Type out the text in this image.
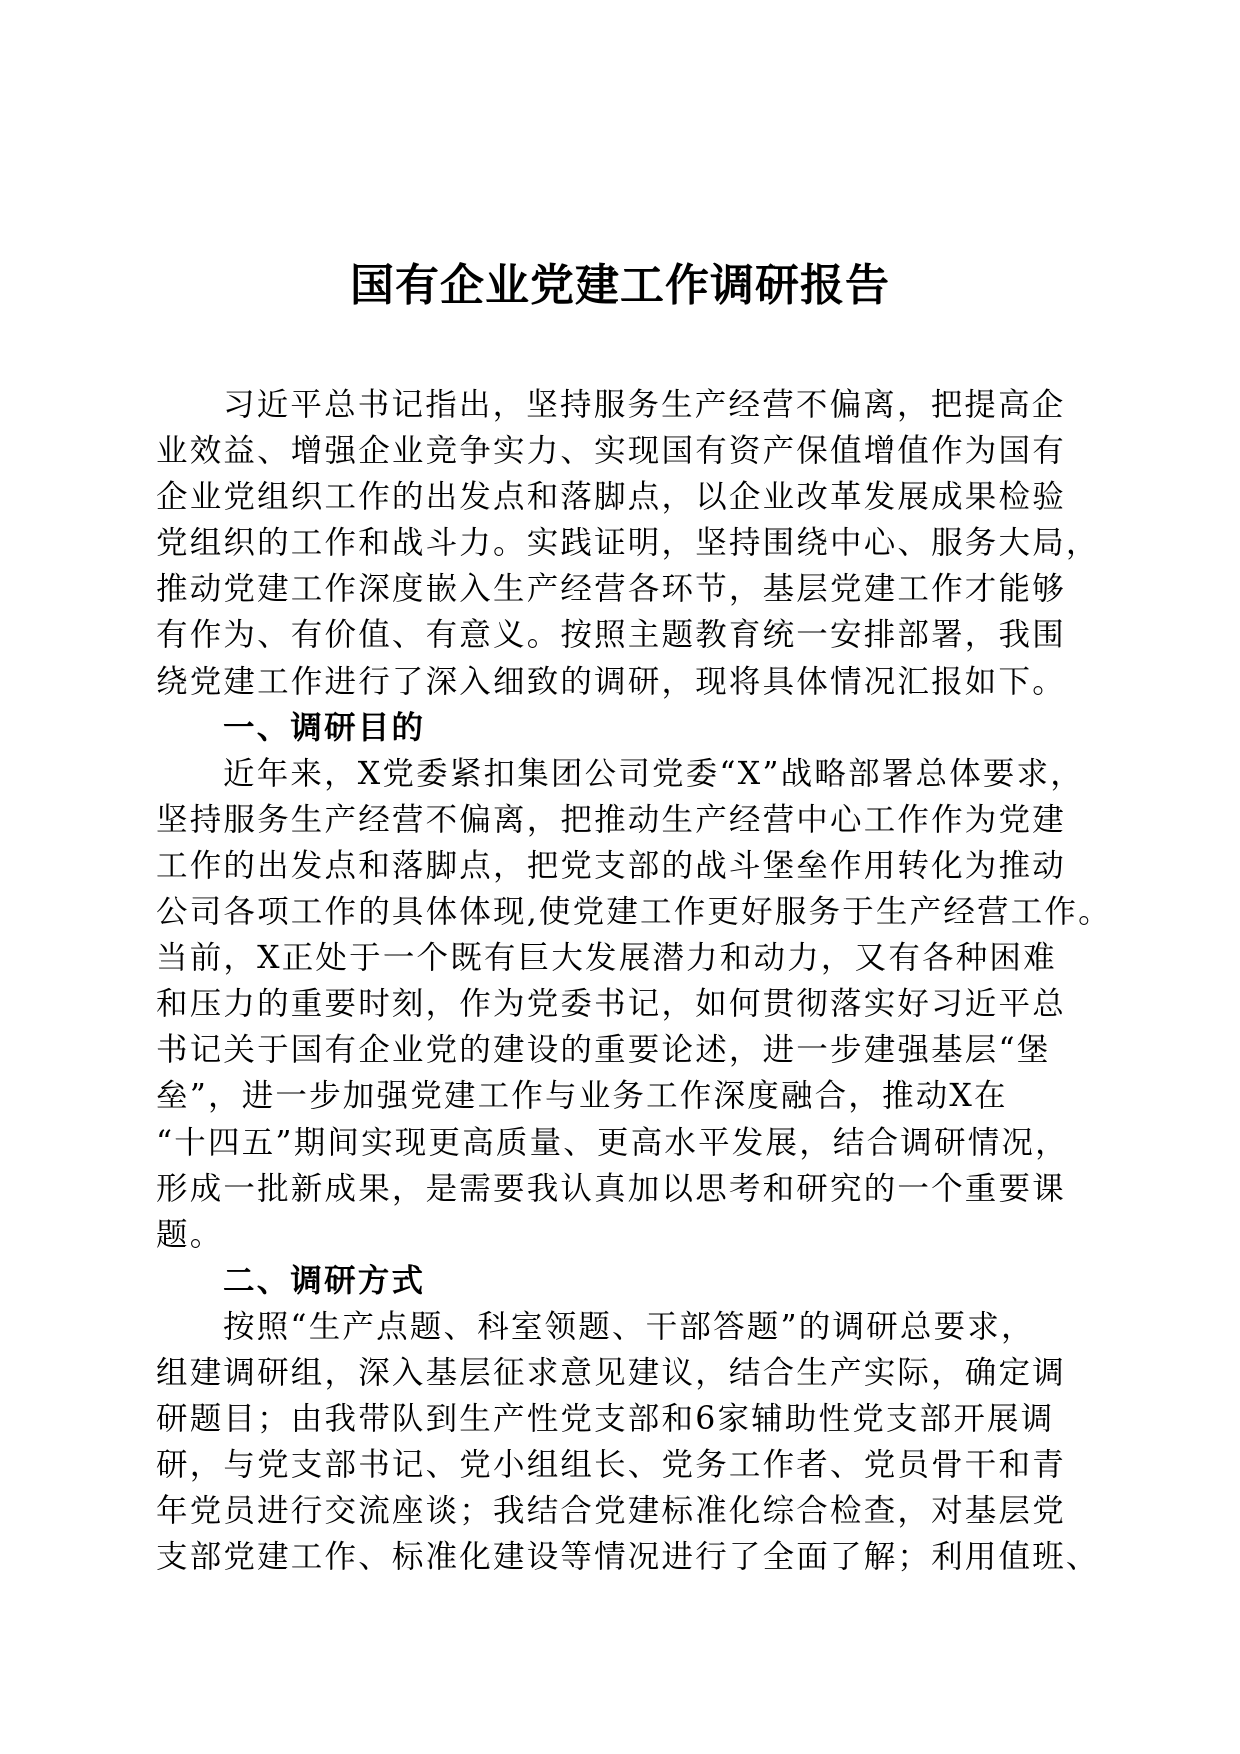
国有企业党建工作调研报告
习近平总书记指出，坚持服务生产经营不偏离，把提高企
业效益、增强企业竞争实力、实现国有资产保值增值作为国有
企业党组织工作的出发点和落脚点，以企业改革发展成果检验
党组织的工作和战斗力。实践证明，坚持围绕中心、服务大局，
推动党建工作深度嵌入生产经营各环节，基层党建工作才能够
有作为、有价值、有意义。按照主题教育统一安排部署，我围
绕党建工作进行了深入细致的调研，现将具体情况汇报如下。
一、调研目的
近年来，X党委紧扣集团公司党委“X”战略部署总体要求，
坚持服务生产经营不偏离，把推动生产经营中心工作作为党建
工作的出发点和落脚点，把党支部的战斗堡垒作用转化为推动
公司各项工作的具体体现,使党建工作更好服务于生产经营工作。
当前，X正处于一个既有巨大发展潜力和动力，又有各种困难
和压力的重要时刻，作为党委书记，如何贯彻落实好习近平总
书记关于国有企业党的建设的重要论述，进一步建强基层“堡
垒”，进一步加强党建工作与业务工作深度融合，推动X在
“十四五”期间实现更高质量、更高水平发展，结合调研情况，
形成一批新成果，是需要我认真加以思考和研究的一个重要课
题。
二、调研方式
按照“生产点题、科室领题、干部答题”的调研总要求，
组建调研组，深入基层征求意见建议，结合生产实际，确定调
研题目；由我带队到生产性党支部和6家辅助性党支部开展调
研，与党支部书记、党小组组长、党务工作者、党员骨干和青
年党员进行交流座谈；我结合党建标准化综合检查，对基层党
支部党建工作、标准化建设等情况进行了全面了解；利用值班、
